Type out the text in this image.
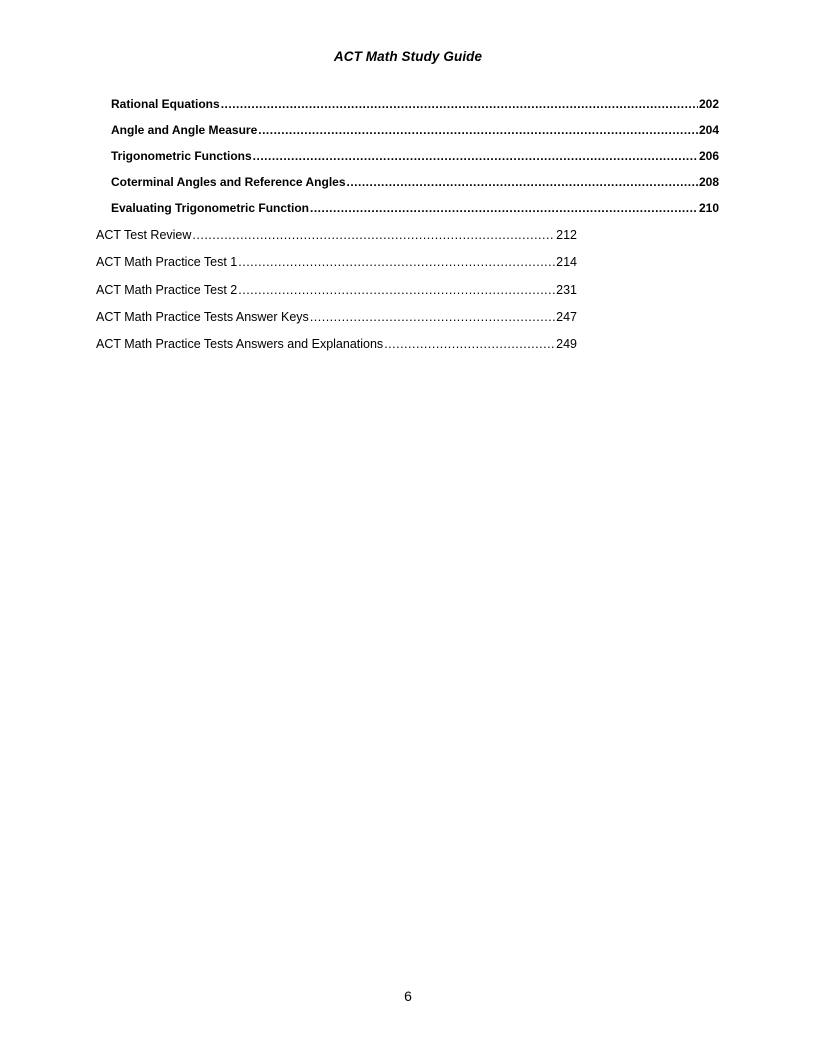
ACT Math Study Guide
Rational Equations .....	202
Angle and Angle Measure .....	204
Trigonometric Functions .....	206
Coterminal Angles and Reference Angles .....	208
Evaluating Trigonometric Function .....	210
ACT Test Review .....	212
ACT Math Practice Test 1 .....	214
ACT Math Practice Test 2 .....	231
ACT Math Practice Tests Answer Keys .....	247
ACT Math Practice Tests Answers and Explanations .....	249
6
